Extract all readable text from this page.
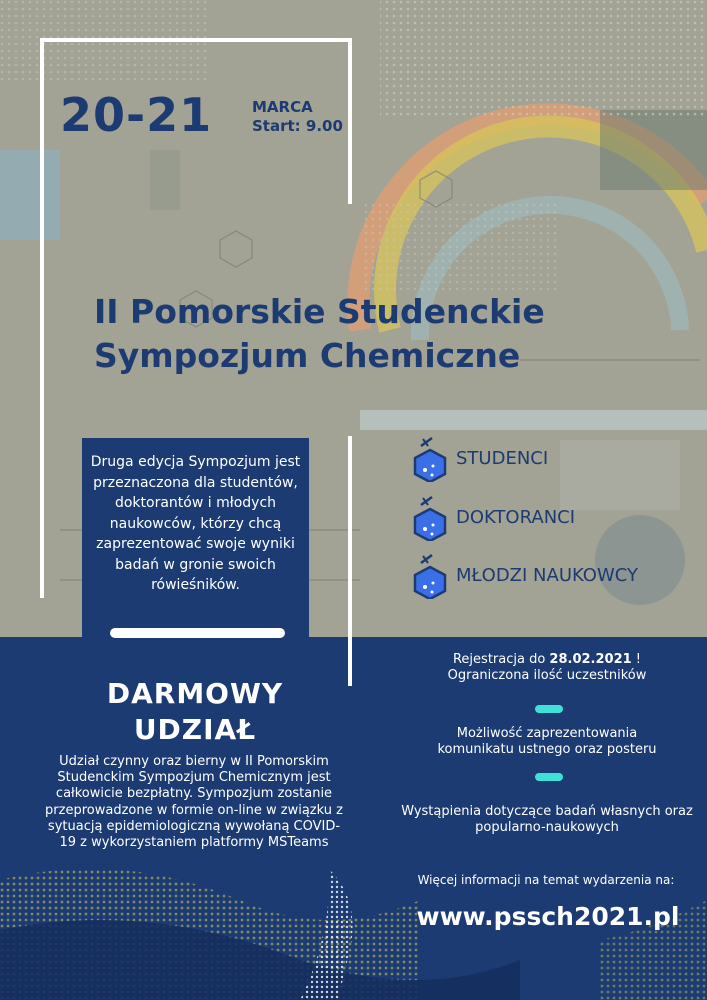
20-21	MARCA
Start: 9.00
II Pomorskie Studenckie
Sympozjum Chemiczne
Druga edycja Sympozjum jest przeznaczona dla studentów, doktorantów i młodych naukowców, którzy chcą zaprezentować swoje wyniki badań w gronie swoich rówieśników.
STUDENCI
DOKTORANCI
MŁODZI NAUKOWCY
DARMOWY
UDZIAŁ
Udział czynny oraz bierny w II Pomorskim Studenckim Sympozjum Chemicznym jest całkowicie bezpłatny. Sympozjum zostanie przeprowadzone w formie on-line w związku z sytuacją epidemiologiczną wywołaną COVID-19 z wykorzystaniem platformy MSTeams
Rejestracja do 28.02.2021 !
Ograniczona ilość uczestników
Możliwość zaprezentowania komunikatu ustnego oraz posteru
Wystąpienia dotyczące badań własnych oraz popularno-naukowych
Więcej informacji na temat wydarzenia na:
www.pssch2021.pl
